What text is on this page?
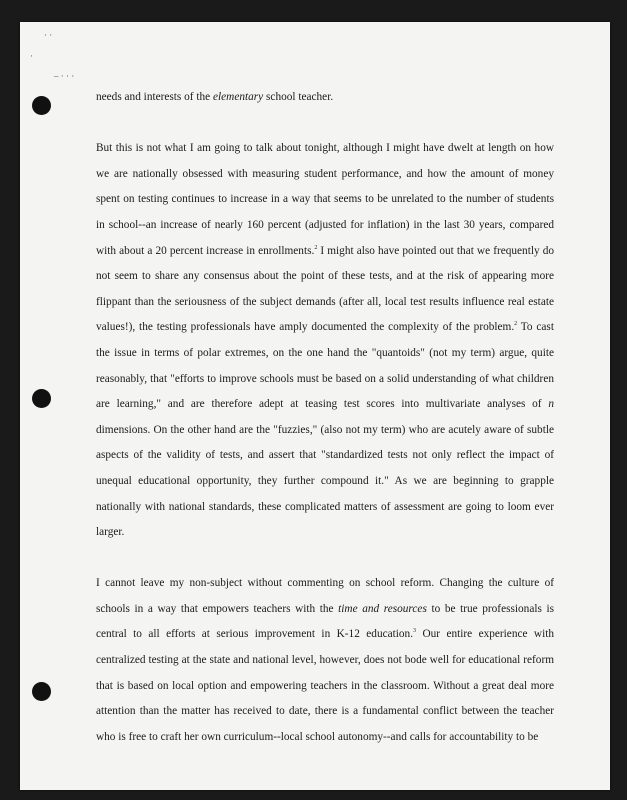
· ·
·
‒ · · ·

needs and interests of the elementary school teacher.

But this is not what I am going to talk about tonight, although I might have dwelt at length on how we are nationally obsessed with measuring student performance, and how the amount of money spent on testing continues to increase in a way that seems to be unrelated to the number of students in school--an increase of nearly 160 percent (adjusted for inflation) in the last 30 years, compared with about a 20 percent increase in enrollments.$^2$ I might also have pointed out that we frequently do not seem to share any consensus about the point of these tests, and at the risk of appearing more flippant than the seriousness of the subject demands (after all, local test results influence real estate values!), the testing professionals have amply documented the complexity of the problem.$^2$ To cast the issue in terms of polar extremes, on the one hand the "quantoids" (not my term) argue, quite reasonably, that "efforts to improve schools must be based on a solid understanding of what children are learning," and are therefore adept at teasing test scores into multivariate analyses of n dimensions. On the other hand are the "fuzzies," (also not my term) who are acutely aware of subtle aspects of the validity of tests, and assert that "standardized tests not only reflect the impact of unequal educational opportunity, they further compound it." As we are beginning to grapple nationally with national standards, these complicated matters of assessment are going to loom ever larger.

I cannot leave my non-subject without commenting on school reform. Changing the culture of schools in a way that empowers teachers with the time and resources to be true professionals is central to all efforts at serious improvement in K-12 education.$^3$ Our entire experience with centralized testing at the state and national level, however, does not bode well for educational reform that is based on local option and empowering teachers in the classroom. Without a great deal more attention than the matter has received to date, there is a fundamental conflict between the teacher who is free to craft her own curriculum--local school autonomy--and calls for accountability to be
